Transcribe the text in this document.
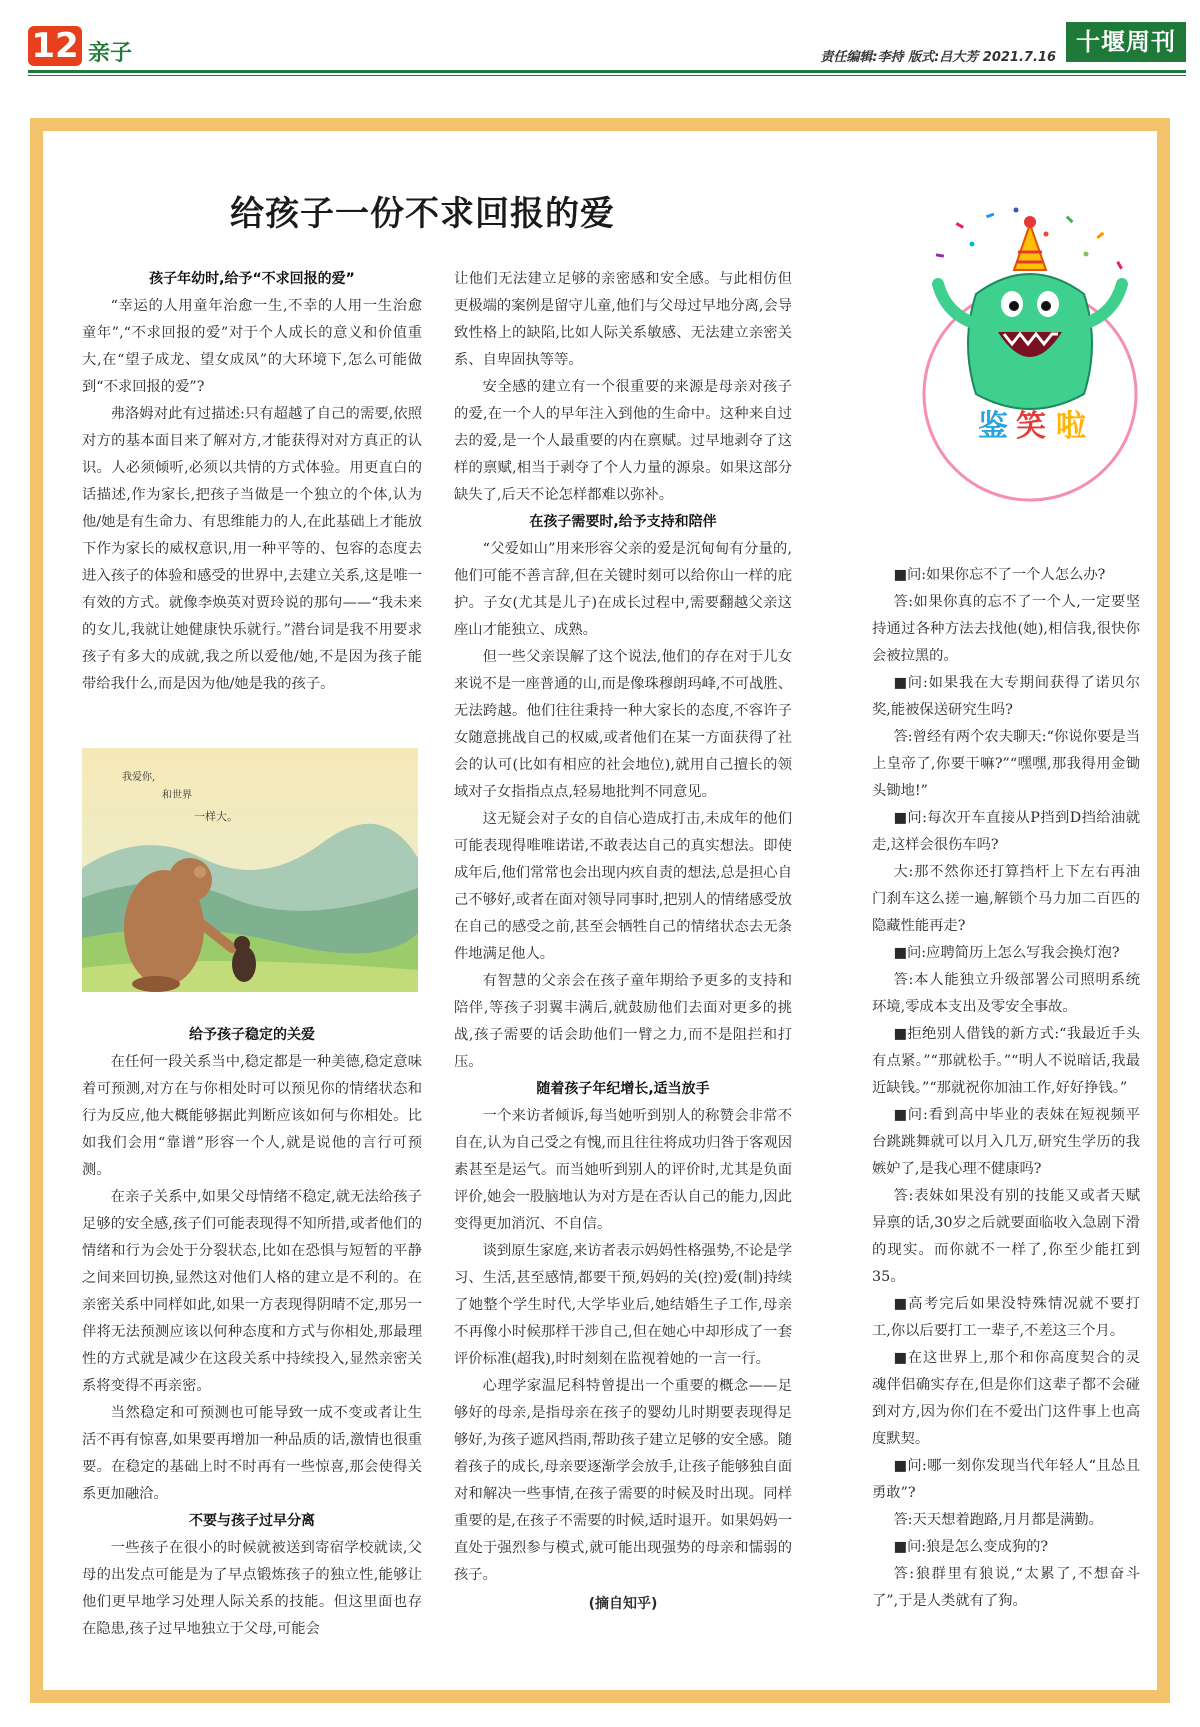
12 亲子	责任编辑:李持 版式:吕大芳 2021.7.16
十堰周刊
给孩子一份不求回报的爱
孩子年幼时,给予“不求回报的爱”

“幸运的人用童年治愈一生,不幸的人用一生治愈童年”,“不求回报的爱”对于个人成长的意义和价值重大,在“望子成龙、望女成凤”的大环境下,怎么可能做到“不求回报的爱”?

弗洛姆对此有过描述:只有超越了自己的需要,依照对方的基本面目来了解对方,才能获得对对方真正的认识。人必须倾听,必须以共情的方式体验。用更直白的话描述,作为家长,把孩子当做是一个独立的个体,认为他/她是有生命力、有思维能力的人,在此基础上才能放下作为家长的威权意识,用一种平等的、包容的态度去进入孩子的体验和感受的世界中,去建立关系,这是唯一有效的方式。就像李焕英对贾玲说的那句——“我未来的女儿,我就让她健康快乐就行。”潜台词是我不用要求孩子有多大的成就,我之所以爱他/她,不是因为孩子能带给我什么,而是因为他/她是我的孩子。

我爱你,
和世界
一样大。
给予孩子稳定的关爱

在任何一段关系当中,稳定都是一种美德,稳定意味着可预测,对方在与你相处时可以预见你的情绪状态和行为反应,他大概能够据此判断应该如何与你相处。比如我们会用“靠谱”形容一个人,就是说他的言行可预测。

在亲子关系中,如果父母情绪不稳定,就无法给孩子足够的安全感,孩子们可能表现得不知所措,或者他们的情绪和行为会处于分裂状态,比如在恐惧与短暂的平静之间来回切换,显然这对他们人格的建立是不利的。在亲密关系中同样如此,如果一方表现得阴晴不定,那另一伴将无法预测应该以何种态度和方式与你相处,那最理性的方式就是减少在这段关系中持续投入,显然亲密关系将变得不再亲密。

当然稳定和可预测也可能导致一成不变或者让生活不再有惊喜,如果要再增加一种品质的话,激情也很重要。在稳定的基础上时不时再有一些惊喜,那会使得关系更加融洽。

不要与孩子过早分离

一些孩子在很小的时候就被送到寄宿学校就读,父母的出发点可能是为了早点锻炼孩子的独立性,能够让他们更早地学习处理人际关系的技能。但这里面也存在隐患,孩子过早地独立于父母,可能会

让他们无法建立足够的亲密感和安全感。与此相仿但更极端的案例是留守儿童,他们与父母过早地分离,会导致性格上的缺陷,比如人际关系敏感、无法建立亲密关系、自卑固执等等。

安全感的建立有一个很重要的来源是母亲对孩子的爱,在一个人的早年注入到他的生命中。这种来自过去的爱,是一个人最重要的内在禀赋。过早地剥夺了这样的禀赋,相当于剥夺了个人力量的源泉。如果这部分缺失了,后天不论怎样都难以弥补。

在孩子需要时,给予支持和陪伴

“父爱如山”用来形容父亲的爱是沉甸甸有分量的,他们可能不善言辞,但在关键时刻可以给你山一样的庇护。子女(尤其是儿子)在成长过程中,需要翻越父亲这座山才能独立、成熟。

但一些父亲误解了这个说法,他们的存在对于儿女来说不是一座普通的山,而是像珠穆朗玛峰,不可战胜、无法跨越。他们往往秉持一种大家长的态度,不容许子女随意挑战自己的权威,或者他们在某一方面获得了社会的认可(比如有相应的社会地位),就用自己擅长的领域对子女指指点点,轻易地批判不同意见。

这无疑会对子女的自信心造成打击,未成年的他们可能表现得唯唯诺诺,不敢表达自己的真实想法。即使成年后,他们常常也会出现内疚自责的想法,总是担心自己不够好,或者在面对领导同事时,把别人的情绪感受放在自己的感受之前,甚至会牺牲自己的情绪状态去无条件地满足他人。

有智慧的父亲会在孩子童年期给予更多的支持和陪伴,等孩子羽翼丰满后,就鼓励他们去面对更多的挑战,孩子需要的话会助他们一臂之力,而不是阻拦和打压。

随着孩子年纪增长,适当放手

一个来访者倾诉,每当她听到别人的称赞会非常不自在,认为自己受之有愧,而且往往将成功归咎于客观因素甚至是运气。而当她听到别人的评价时,尤其是负面评价,她会一股脑地认为对方是在否认自己的能力,因此变得更加消沉、不自信。

谈到原生家庭,来访者表示妈妈性格强势,不论是学习、生活,甚至感情,都要干预,妈妈的关(控)爱(制)持续了她整个学生时代,大学毕业后,她结婚生子工作,母亲不再像小时候那样干涉自己,但在她心中却形成了一套评价标准(超我),时时刻刻在监视着她的一言一行。

心理学家温尼科特曾提出一个重要的概念——足够好的母亲,是指母亲在孩子的婴幼儿时期要表现得足够好,为孩子遮风挡雨,帮助孩子建立足够的安全感。随着孩子的成长,母亲要逐渐学会放手,让孩子能够独自面对和解决一些事情,在孩子需要的时候及时出现。同样重要的是,在孩子不需要的时候,适时退开。如果妈妈一直处于强烈参与模式,就可能出现强势的母亲和懦弱的孩子。

(摘自知乎)
鉴 笑 啦

■问:如果你忘不了一个人怎么办?

答:如果你真的忘不了一个人,一定要坚持通过各种方法去找他(她),相信我,很快你会被拉黑的。

■问:如果我在大专期间获得了诺贝尔奖,能被保送研究生吗?

答:曾经有两个农夫聊天:“你说你要是当上皇帝了,你要干嘛?”“嘿嘿,那我得用金锄头锄地!”

■问:每次开车直接从P挡到D挡给油就走,这样会很伤车吗?

大:那不然你还打算挡杆上下左右再油门刹车这么搓一遍,解锁个马力加二百匹的隐藏性能再走?

■问:应聘简历上怎么写我会换灯泡?

答:本人能独立升级部署公司照明系统环境,零成本支出及零安全事故。

■拒绝别人借钱的新方式:“我最近手头有点紧。”“那就松手。”“明人不说暗话,我最近缺钱。”“那就祝你加油工作,好好挣钱。”

■问:看到高中毕业的表妹在短视频平台跳跳舞就可以月入几万,研究生学历的我嫉妒了,是我心理不健康吗?

答:表妹如果没有别的技能又或者天赋异禀的话,30岁之后就要面临收入急剧下滑的现实。而你就不一样了,你至少能扛到35。

■高考完后如果没特殊情况就不要打工,你以后要打工一辈子,不差这三个月。

■在这世界上,那个和你高度契合的灵魂伴侣确实存在,但是你们这辈子都不会碰到对方,因为你们在不爱出门这件事上也高度默契。

■问:哪一刻你发现当代年轻人“且怂且勇敢”?

答:天天想着跑路,月月都是满勤。

■问:狼是怎么变成狗的?

答:狼群里有狼说,“太累了,不想奋斗了”,于是人类就有了狗。
